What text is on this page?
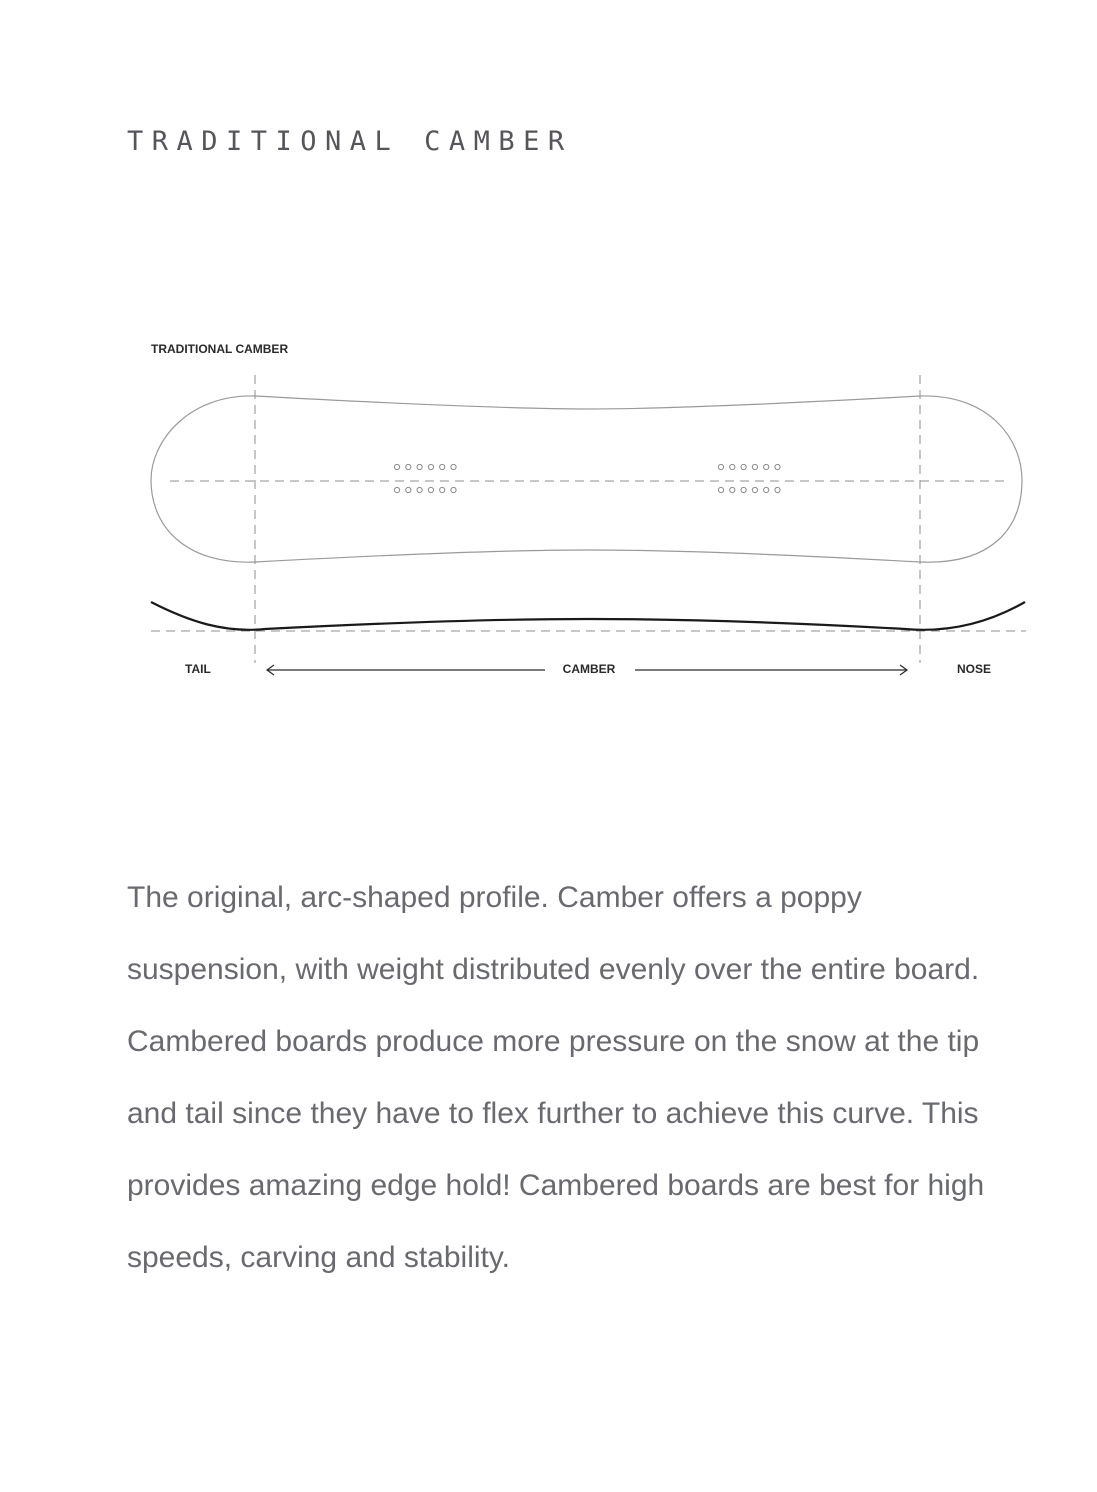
TRADITIONAL CAMBER
TRADITIONAL CAMBER
TAIL	CAMBER	NOSE

The original, arc-shaped profile. Camber offers a poppy
suspension, with weight distributed evenly over the entire board.
Cambered boards produce more pressure on the snow at the tip
and tail since they have to flex further to achieve this curve. This
provides amazing edge hold! Cambered boards are best for high
speeds, carving and stability.
